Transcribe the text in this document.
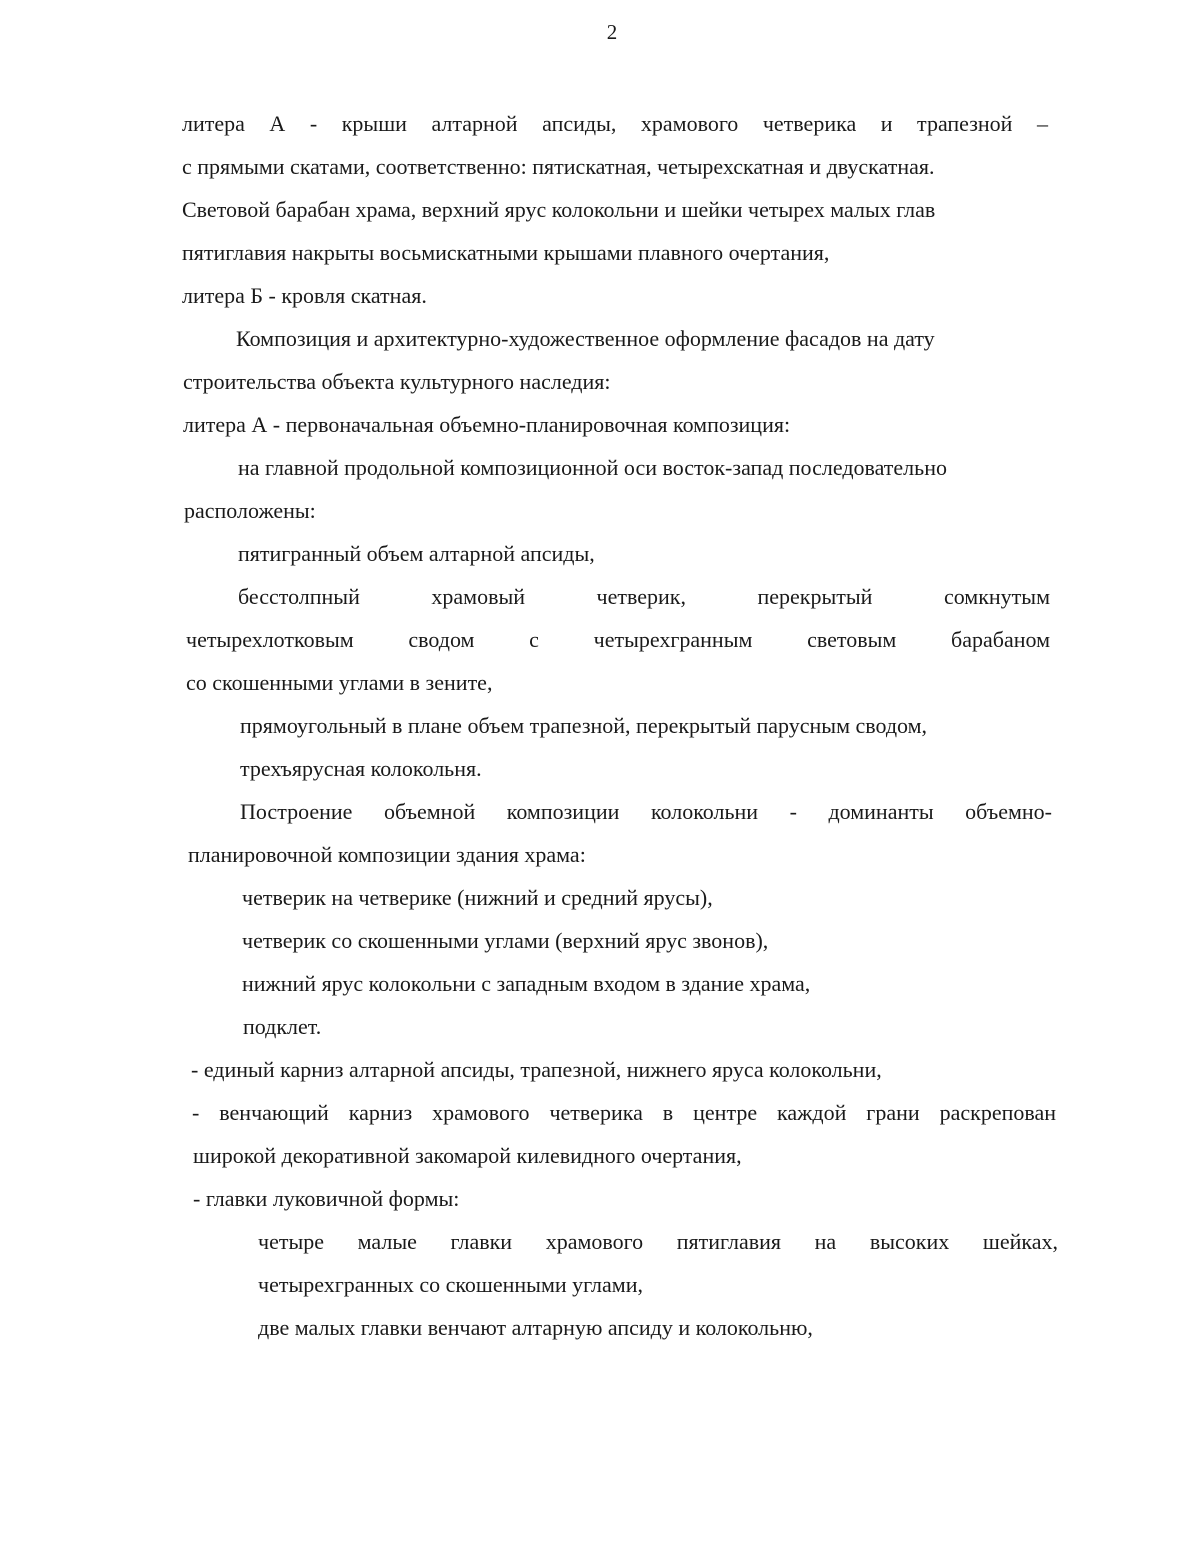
2
литера А - крыши алтарной апсиды, храмового четверика и трапезной –
с прямыми скатами, соответственно: пятискатная, четырехскатная и двускатная.
Световой барабан храма, верхний ярус колокольни и шейки четырех малых глав
пятиглавия накрыты восьмискатными крышами плавного очертания,
литера Б - кровля скатная.
Композиция и архитектурно-художественное оформление фасадов на дату
строительства объекта культурного наследия:
литера А - первоначальная объемно-планировочная композиция:
на главной продольной композиционной оси восток-запад последовательно
расположены:
пятигранный объем алтарной апсиды,
бесстолпный храмовый четверик, перекрытый сомкнутым
четырехлотковым сводом с четырехгранным световым барабаном
со скошенными углами в зените,
прямоугольный в плане объем трапезной, перекрытый парусным сводом,
трехъярусная колокольня.
Построение объемной композиции колокольни - доминанты объемно-
планировочной композиции здания храма:
четверик на четверике (нижний и средний ярусы),
четверик со скошенными углами (верхний ярус звонов),
нижний ярус колокольни с западным входом в здание храма,
подклет.
- единый карниз алтарной апсиды, трапезной, нижнего яруса колокольни,
- венчающий карниз храмового четверика в центре каждой грани раскрепован
широкой декоративной закомарой килевидного очертания,
- главки луковичной формы:
четыре малые главки храмового пятиглавия на высоких шейках,
четырехгранных со скошенными углами,
две малых главки венчают алтарную апсиду и колокольню,
